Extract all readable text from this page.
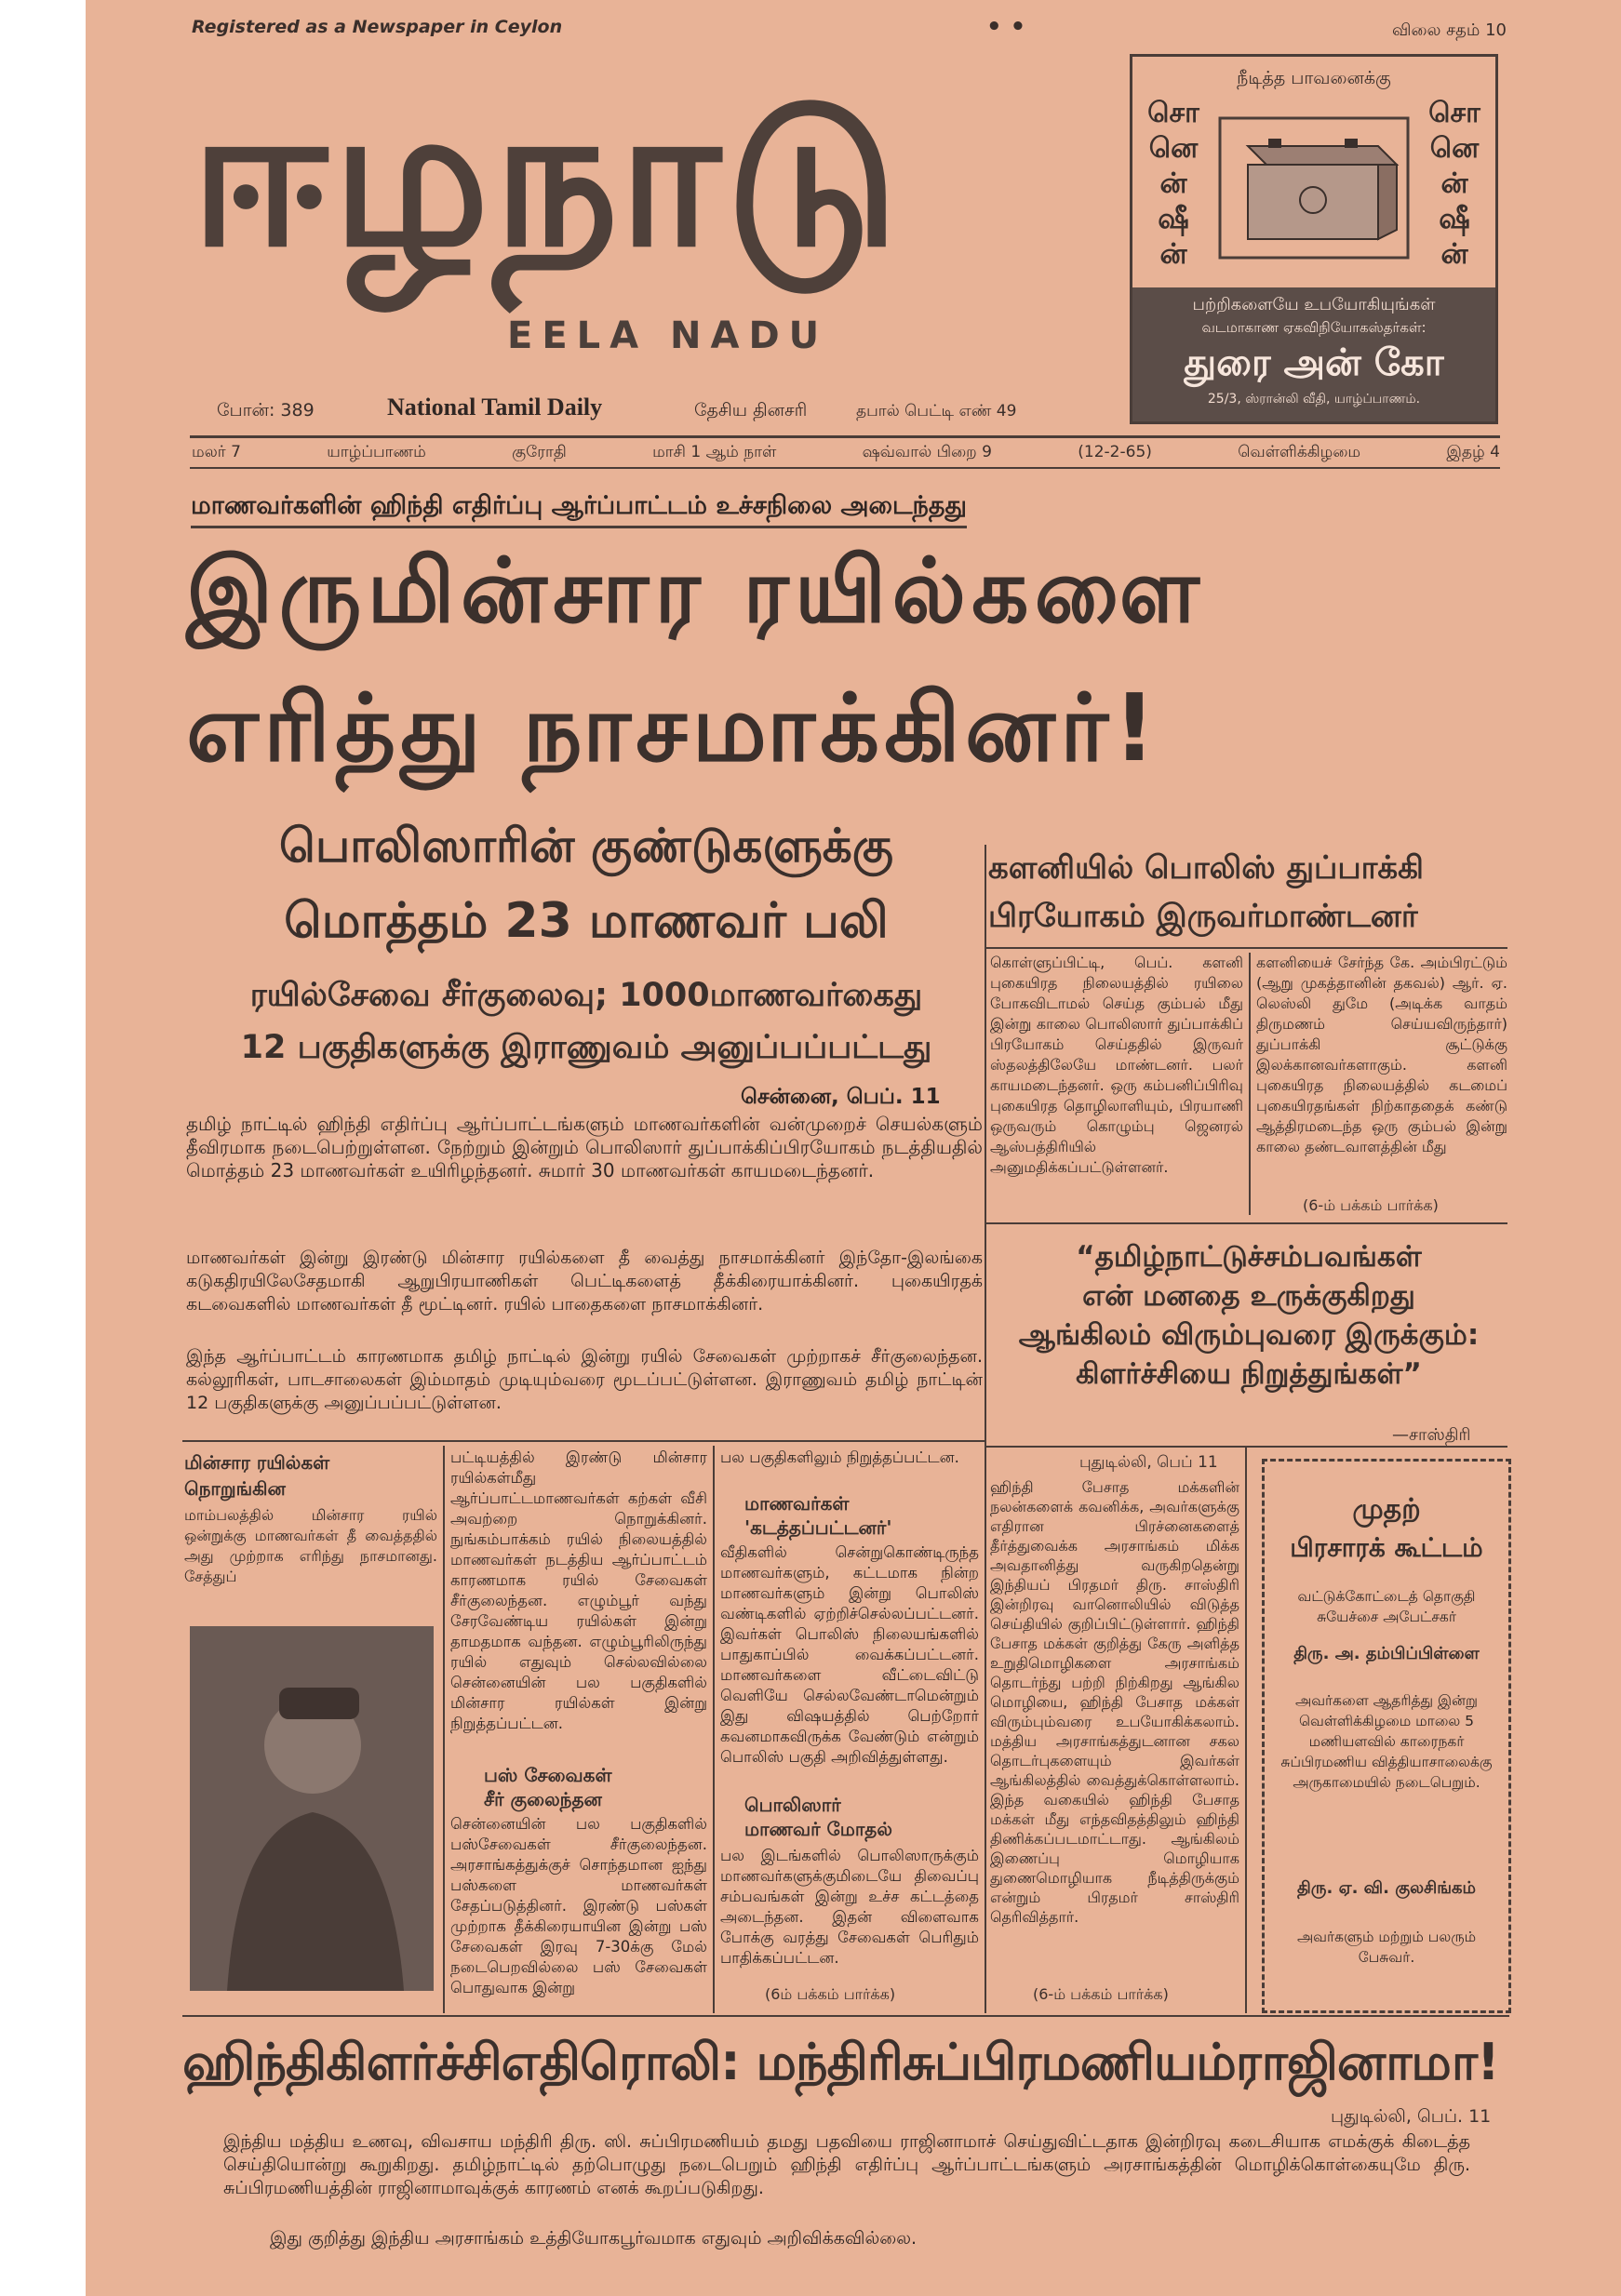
Registered as a Newspaper in Ceylon	• •	விலை சதம் 10
ஈழநாடு
EELA NADU
போன்: 389	National Tamil Daily	தேசிய தினசரி	தபால் பெட்டி எண் 49
நீடித்த பாவனைக்கு
சொ
னெ
ன்
ஷீ
ன்
சொ
னெ
ன்
ஷீ
ன்
பற்றிகளையே உபயோகியுங்கள்
வடமாகாண ஏகவிநியோகஸ்தர்கள்:
துரை அன் கோ
25/3, ஸ்ரான்லி வீதி, யாழ்ப்பாணம்.
மலர் 7	யாழ்ப்பாணம்	குரோதி	மாசி 1 ஆம் நாள்	ஷவ்வால் பிறை 9	(12-2-65)	வெள்ளிக்கிழமை	இதழ் 4
மாணவர்களின் ஹிந்தி எதிர்ப்பு ஆர்ப்பாட்டம் உச்சநிலை அடைந்தது
இருமின்சார ரயில்களை
எரித்து நாசமாக்கினர்!
பொலிஸாரின் குண்டுகளுக்கு
மொத்தம் 23 மாணவர் பலி
ரயில்சேவை சீர்குலைவு; 1000மாணவர்கைது
12 பகுதிகளுக்கு இராணுவம் அனுப்பப்பட்டது
சென்னை, பெப். 11
தமிழ் நாட்டில் ஹிந்தி எதிர்ப்பு ஆர்ப்பாட்டங்களும் மாணவர்களின் வன்முறைச் செயல்களும் தீவிரமாக நடைபெற்றுள்ளன. நேற்றும் இன்றும் பொலிஸார் துப்பாக்கிப்பிரயோகம் நடத்தியதில் மொத்தம் 23 மாணவர்கள் உயிரிழந்தனர். சுமார் 30 மாணவர்கள் காயமடைந்தனர்.
மாணவர்கள் இன்று இரண்டு மின்சார ரயில்களை தீ வைத்து நாசமாக்கினர் இந்தோ-இலங்கை கடுகதிரயிலேசேதமாகி ஆறுபிரயாணிகள் பெட்டிகளைத் தீக்கிரையாக்கினர். புகையிரதக் கடவைகளில் மாணவர்கள் தீ மூட்டினர். ரயில் பாதைகளை நாசமாக்கினர்.
இந்த ஆர்ப்பாட்டம் காரணமாக தமிழ் நாட்டில் இன்று ரயில் சேவைகள் முற்றாகச் சீர்குலைந்தன. கல்லூரிகள், பாடசாலைகள் இம்மாதம் முடியும்வரை மூடப்பட்டுள்ளன. இராணுவம் தமிழ் நாட்டின் 12 பகுதிகளுக்கு அனுப்பப்பட்டுள்ளன.
மின்சார ரயில்கள்
நொறுங்கின
மாம்பலத்தில் மின்சார ரயில் ஒன்றுக்கு மாணவர்கள் தீ வைத்ததில் அது முற்றாக எரிந்து நாசமானது. சேத்துப்
பட்டியத்தில் இரண்டு மின்சார ரயில்கள்மீது ஆர்ப்பாட்டமாணவர்கள் கற்கள் வீசி அவற்றை நொறுக்கினர். நுங்கம்பாக்கம் ரயில் நிலையத்தில் மாணவர்கள் நடத்திய ஆர்ப்பாட்டம் காரணமாக ரயில் சேவைகள் சீர்குலைந்தன. எழும்பூர் வந்து சேரவேண்டிய ரயில்கள் இன்று தாமதமாக வந்தன. எழும்பூரிலிருந்து ரயில் எதுவும் செல்லவில்லை சென்னையின் பல பகுதிகளில் மின்சார ரயில்கள் இன்று நிறுத்தப்பட்டன.
பஸ் சேவைகள்
சீர் குலைந்தன
சென்னையின் பல பகுதிகளில் பஸ்சேவைகள் சீர்குலைந்தன. அரசாங்கத்துக்குச் சொந்தமான ஐந்து பஸ்களை மாணவர்கள் சேதப்படுத்தினர். இரண்டு பஸ்கள் முற்றாக தீக்கிரையாயின இன்று பஸ் சேவைகள் இரவு 7-30க்கு மேல் நடைபெறவில்லை பஸ் சேவைகள் பொதுவாக இன்று
பல பகுதிகளிலும் நிறுத்தப்பட்டன.
மாணவர்கள்
'கடத்தப்பட்டனர்'
வீதிகளில் சென்றுகொண்டிருந்த மாணவர்களும், கட்டமாக நின்ற மாணவர்களும் இன்று பொலிஸ் வண்டிகளில் ஏற்றிச்செல்லப்பட்டனர். இவர்கள் பொலிஸ் நிலையங்களில் பாதுகாப்பில் வைக்கப்பட்டனர். மாணவர்களை வீட்டைவிட்டு வெளியே செல்லவேண்டாமென்றும் இது விஷயத்தில் பெற்றோர் கவனமாகவிருக்க வேண்டும் என்றும் பொலிஸ் பகுதி அறிவித்துள்ளது.
பொலிஸார்
மாணவர் மோதல்
பல இடங்களில் பொலிஸாருக்கும் மாணவர்களுக்குமிடையே திவைப்பு சம்பவங்கள் இன்று உச்ச கட்டத்தை அடைந்தன. இதன் விளைவாக போக்கு வரத்து சேவைகள் பெரிதும் பாதிக்கப்பட்டன.
(6ம் பக்கம் பார்க்க)
களனியில் பொலிஸ் துப்பாக்கி
பிரயோகம் இருவர்மாண்டனர்
கொள்ளுப்பிட்டி, பெப். களனி புகையிரத நிலையத்தில் ரயிலை போகவிடாமல் செய்த கும்பல் மீது இன்று காலை பொலிஸார் துப்பாக்கிப் பிரயோகம் செய்ததில் இருவர் ஸ்தலத்திலேயே மாண்டனர். பலர் காயமடைந்தனர். ஒரு கம்பனிப்பிரிவு புகையிரத தொழிலாளியும், பிரயாணி ஒருவரும் கொழும்பு ஜெனரல் ஆஸ்பத்திரியில் அனுமதிக்கப்பட்டுள்ளனர்.
களனியைச் சேர்ந்த கே. அம்பிரட்டும் (ஆறு முகத்தானின் தகவல்) ஆர். ஏ. லெஸ்லி துமே (அடிக்க வாதம் திருமணம் செய்யவிருந்தார்) துப்பாக்கி சூட்டுக்கு இலக்கானவர்களாகும். களனி புகையிரத நிலையத்தில் கடமைப் புகையிரதங்கள் நிற்காததைக் கண்டு ஆத்திரமடைந்த ஒரு கும்பல் இன்று காலை தண்டவாளத்தின் மீது
(6-ம் பக்கம் பார்க்க)
“தமிழ்நாட்டுச்சம்பவங்கள்
என் மனதை உருக்குகிறது
ஆங்கிலம் விரும்புவரை இருக்கும்:
கிளர்ச்சியை நிறுத்துங்கள்”
—சாஸ்திரி
புதுடில்லி, பெப் 11
ஹிந்தி பேசாத மக்களின் நலன்களைக் கவனிக்க, அவர்களுக்கு எதிரான பிரச்னைகளைத் தீர்த்துவைக்க அரசாங்கம் மிக்க அவதானித்து வருகிறதென்று இந்தியப் பிரதமர் திரு. சாஸ்திரி இன்றிரவு வானொலியில் விடுத்த செய்தியில் குறிப்பிட்டுள்ளார். ஹிந்தி பேசாத மக்கள் குறித்து கேரு அளித்த உறுதிமொழிகளை அரசாங்கம் தொடர்ந்து பற்றி நிற்கிறது ஆங்கில மொழியை, ஹிந்தி பேசாத மக்கள் விரும்பும்வரை உபயோகிக்கலாம். மத்திய அரசாங்கத்துடனான சகல தொடர்புகளையும் இவர்கள் ஆங்கிலத்தில் வைத்துக்கொள்ளலாம். இந்த வகையில் ஹிந்தி பேசாத மக்கள் மீது எந்தவிதத்திலும் ஹிந்தி திணிக்கப்படமாட்டாது. ஆங்கிலம் இணைப்பு மொழியாக துணைமொழியாக நீடித்திருக்கும் என்றும் பிரதமர் சாஸ்திரி தெரிவித்தார்.
(6-ம் பக்கம் பார்க்க)
முதற்
பிரசாரக் கூட்டம்
வட்டுக்கோட்டைத் தொகுதி சுயேச்சை அபேட்சகர்
திரு. அ. தம்பிப்பிள்ளை
அவர்களை ஆதரித்து இன்று வெள்ளிக்கிழமை மாலை 5 மணியளவில் காரைநகர் சுப்பிரமணிய வித்தியாசாலைக்கு அருகாமையில் நடைபெறும்.
திரு. ஏ. வி. குலசிங்கம்
அவர்களும் மற்றும் பலரும் பேசுவர்.
ஹிந்திகிளர்ச்சிஎதிரொலி: மந்திரிசுப்பிரமணியம்ராஜினாமா!
புதுடில்லி, பெப். 11
இந்திய மத்திய உணவு, விவசாய மந்திரி திரு. ஸி. சுப்பிரமணியம் தமது பதவியை ராஜினாமாச் செய்துவிட்டதாக இன்றிரவு கடைசியாக எமக்குக் கிடைத்த செய்தியொன்று கூறுகிறது. தமிழ்நாட்டில் தற்பொழுது நடைபெறும் ஹிந்தி எதிர்ப்பு ஆர்ப்பாட்டங்களும் அரசாங்கத்தின் மொழிக்கொள்கையுமே திரு. சுப்பிரமணியத்தின் ராஜினாமாவுக்குக் காரணம் எனக் கூறப்படுகிறது.
இது குறித்து இந்திய அரசாங்கம் உத்தியோகபூர்வமாக எதுவும் அறிவிக்கவில்லை.
